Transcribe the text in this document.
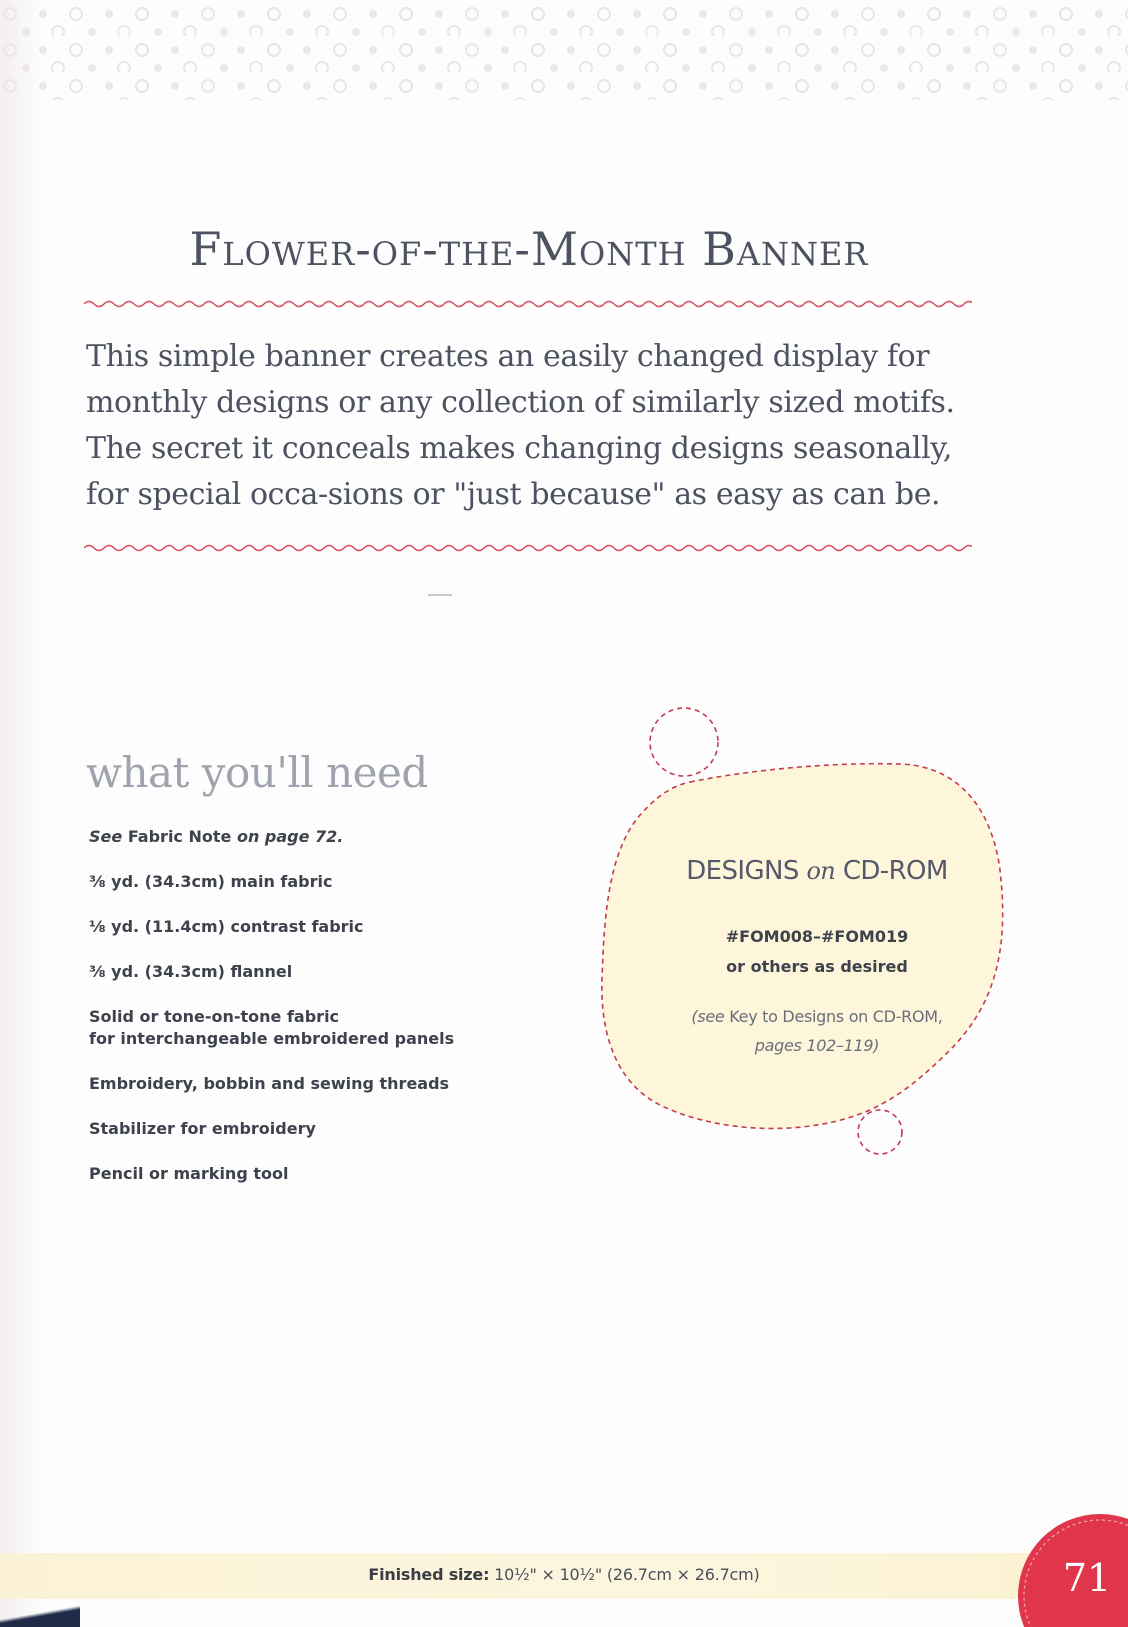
Flower-of-the-Month Banner

This simple banner creates an easily changed display for monthly designs or any collection of similarly sized motifs. The secret it conceals makes changing designs seasonally, for special occa-sions or "just because" as easy as can be.

what you'll need
See Fabric Note on page 72.
⅜ yd. (34.3cm) main fabric
⅛ yd. (11.4cm) contrast fabric
⅜ yd. (34.3cm) flannel
Solid or tone-on-tone fabric
for interchangeable embroidered panels
Embroidery, bobbin and sewing threads
Stabilizer for embroidery
Pencil or marking tool
DESIGNS on CD-ROM
#FOM008–#FOM019
or others as desired
(see Key to Designs on CD-ROM,
pages 102–119)
Finished size: 10½" × 10½" (26.7cm × 26.7cm)	71
